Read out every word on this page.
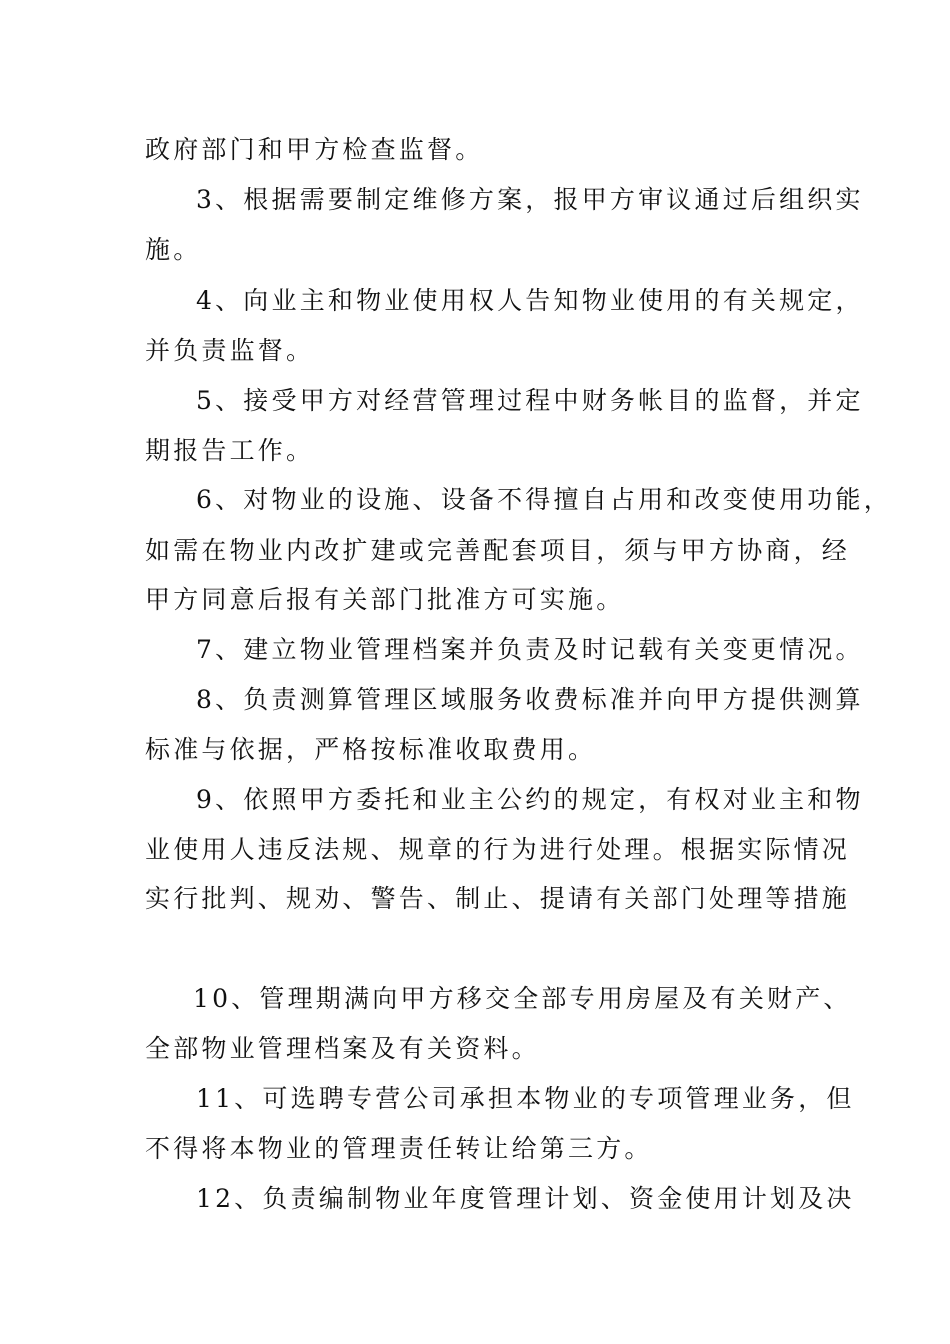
政府部门和甲方检查监督。
3、根据需要制定维修方案，报甲方审议通过后组织实
施。
4、向业主和物业使用权人告知物业使用的有关规定，
并负责监督。
5、接受甲方对经营管理过程中财务帐目的监督，并定
期报告工作。
6、对物业的设施、设备不得擅自占用和改变使用功能，
如需在物业内改扩建或完善配套项目，须与甲方协商，经
甲方同意后报有关部门批准方可实施。
7、建立物业管理档案并负责及时记载有关变更情况。
8、负责测算管理区域服务收费标准并向甲方提供测算
标准与依据，严格按标准收取费用。
9、依照甲方委托和业主公约的规定，有权对业主和物
业使用人违反法规、规章的行为进行处理。根据实际情况
实行批判、规劝、警告、制止、提请有关部门处理等措施
10、管理期满向甲方移交全部专用房屋及有关财产、
全部物业管理档案及有关资料。
11、可选聘专营公司承担本物业的专项管理业务，但
不得将本物业的管理责任转让给第三方。
12、负责编制物业年度管理计划、资金使用计划及决
